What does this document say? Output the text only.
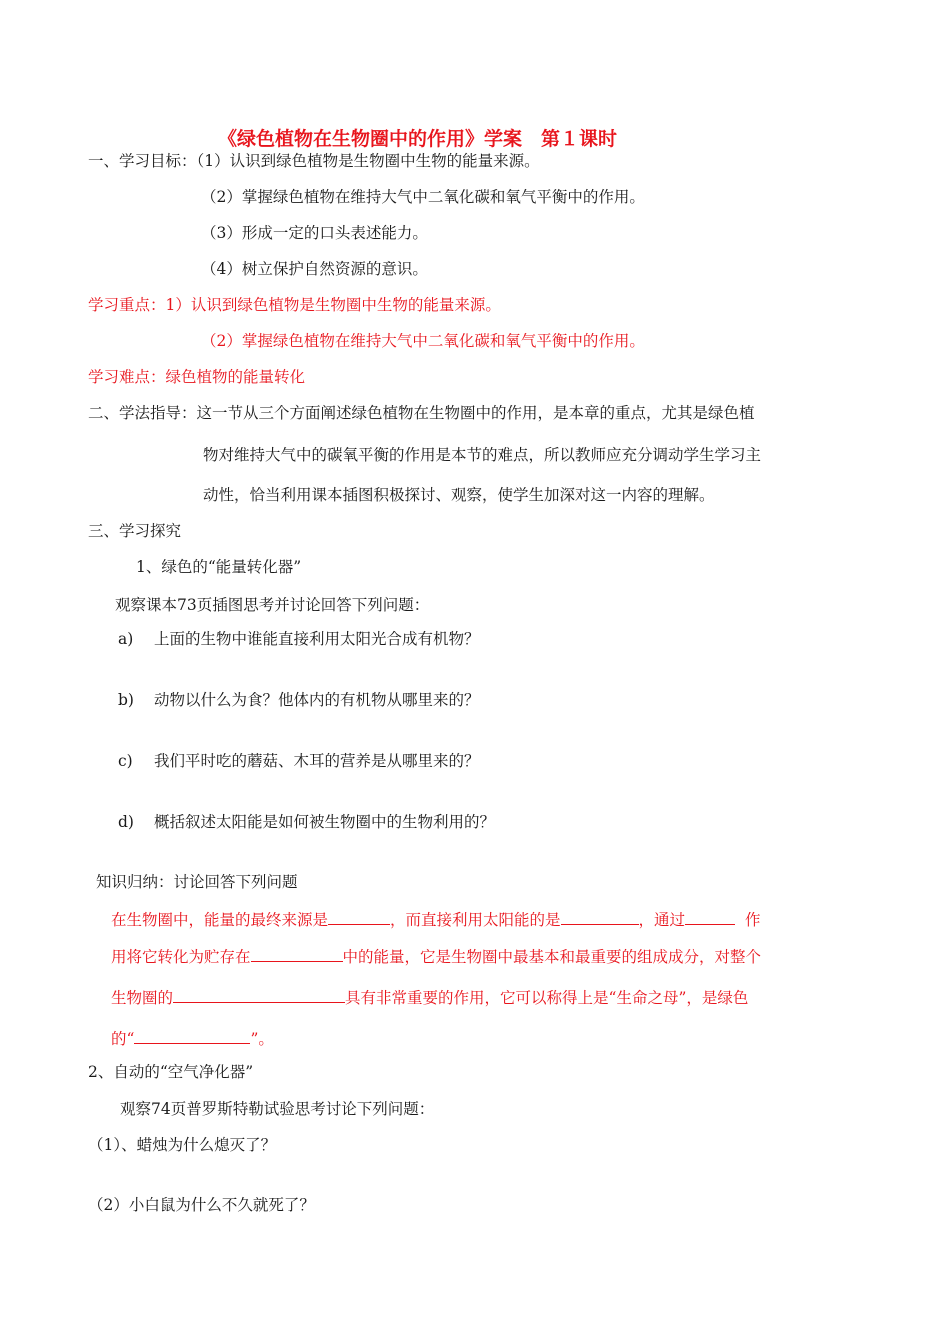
《绿色植物在生物圈中的作用》学案　第１课时
一、学习目标：（1）认识到绿色植物是生物圈中生物的能量来源。
（2）掌握绿色植物在维持大气中二氧化碳和氧气平衡中的作用。
（3）形成一定的口头表述能力。
（4）树立保护自然资源的意识。
学习重点：1）认识到绿色植物是生物圈中生物的能量来源。
（2）掌握绿色植物在维持大气中二氧化碳和氧气平衡中的作用。
学习难点：绿色植物的能量转化
二、学法指导：这一节从三个方面阐述绿色植物在生物圈中的作用，是本章的重点，尤其是绿色植
物对维持大气中的碳氧平衡的作用是本节的难点，所以教师应充分调动学生学习主
动性，恰当利用课本插图积极探讨、观察，使学生加深对这一内容的理解。
三、学习探究
1、绿色的“能量转化器”
观察课本73页插图思考并讨论回答下列问题：
a) 上面的生物中谁能直接利用太阳光合成有机物？
b) 动物以什么为食？他体内的有机物从哪里来的？
c) 我们平时吃的蘑菇、木耳的营养是从哪里来的？
d) 概括叙述太阳能是如何被生物圈中的生物利用的？
知识归纳：讨论回答下列问题
在生物圈中，能量的最终来源是	，而直接利用太阳能的是	，通过	作
用将它转化为贮存在	中的能量，它是生物圈中最基本和最重要的组成成分，对整个
生物圈的	具有非常重要的作用，它可以称得上是“生命之母”，是绿色
的“	”。
2、自动的“空气净化器”
观察74页普罗斯特勒试验思考讨论下列问题：
（1）、蜡烛为什么熄灭了？
（2）小白鼠为什么不久就死了？
